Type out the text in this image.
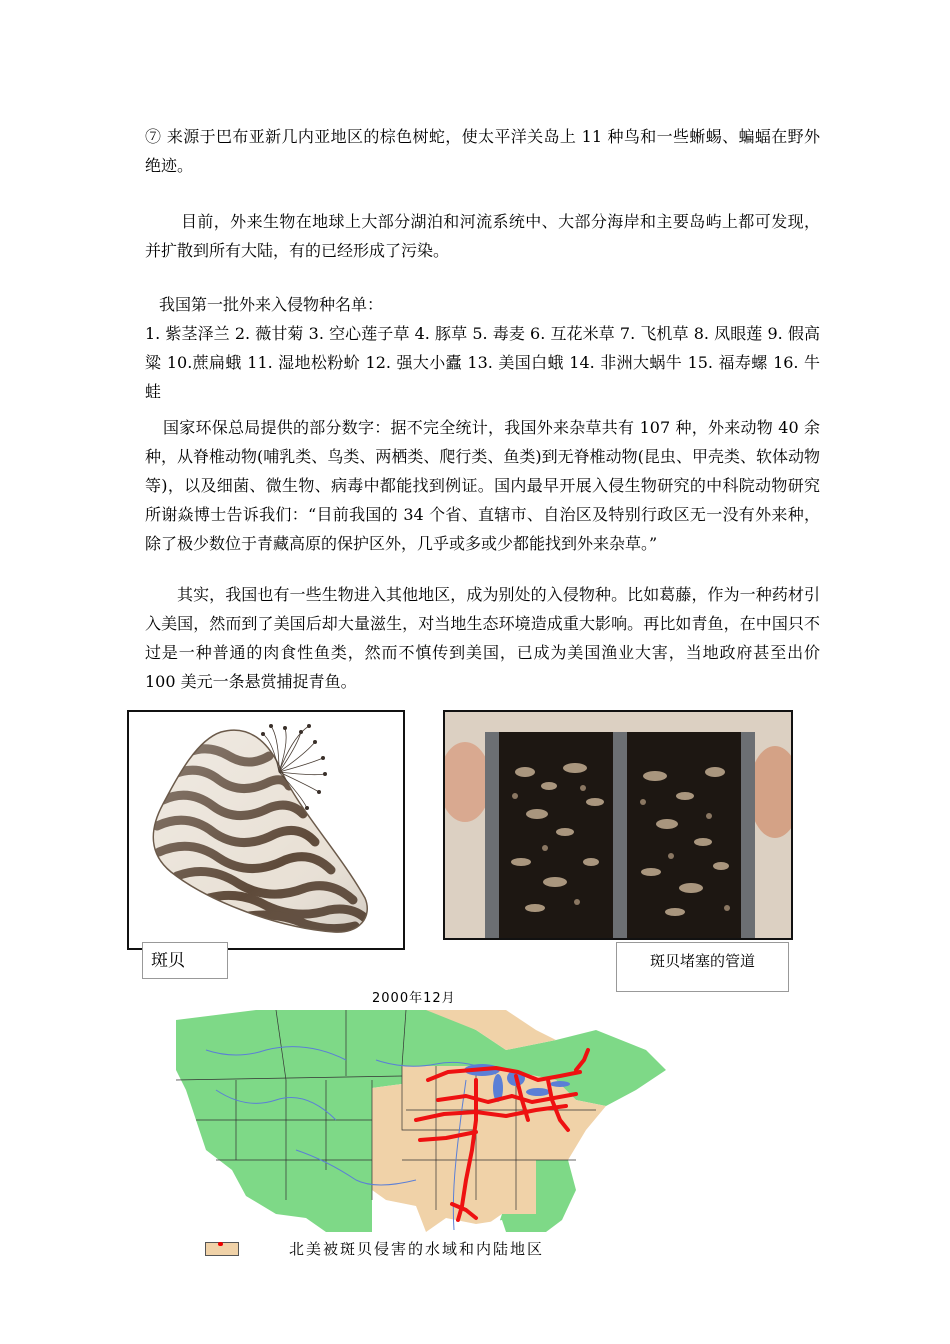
⑦ 来源于巴布亚新几内亚地区的棕色树蛇，使太平洋关岛上 11 种鸟和一些蜥蜴、蝙蝠在野外绝迹。
目前，外来生物在地球上大部分湖泊和河流系统中、大部分海岸和主要岛屿上都可发现，并扩散到所有大陆，有的已经形成了污染。
我国第一批外来入侵物种名单：
1. 紫茎泽兰 2. 薇甘菊 3. 空心莲子草 4. 豚草 5. 毒麦 6. 互花米草 7. 飞机草 8. 凤眼莲 9. 假高粱 10.蔗扁蛾 11. 湿地松粉蚧 12. 强大小蠹 13. 美国白蛾 14. 非洲大蜗牛 15. 福寿螺 16. 牛蛙
国家环保总局提供的部分数字：据不完全统计，我国外来杂草共有 107 种，外来动物 40 余种，从脊椎动物(哺乳类、鸟类、两栖类、爬行类、鱼类)到无脊椎动物(昆虫、甲壳类、软体动物等)，以及细菌、微生物、病毒中都能找到例证。国内最早开展入侵生物研究的中科院动物研究所谢焱博士告诉我们：“目前我国的 34 个省、直辖市、自治区及特别行政区无一没有外来种，除了极少数位于青藏高原的保护区外，几乎或多或少都能找到外来杂草。”
其实，我国也有一些生物进入其他地区，成为别处的入侵物种。比如葛藤，作为一种药材引入美国，然而到了美国后却大量滋生，对当地生态环境造成重大影响。再比如青鱼，在中国只不过是一种普通的肉食性鱼类，然而不慎传到美国，已成为美国渔业大害，当地政府甚至出价 100 美元一条悬赏捕捉青鱼。
斑贝	斑贝堵塞的管道
2000年12月
北美被斑贝侵害的水域和内陆地区
